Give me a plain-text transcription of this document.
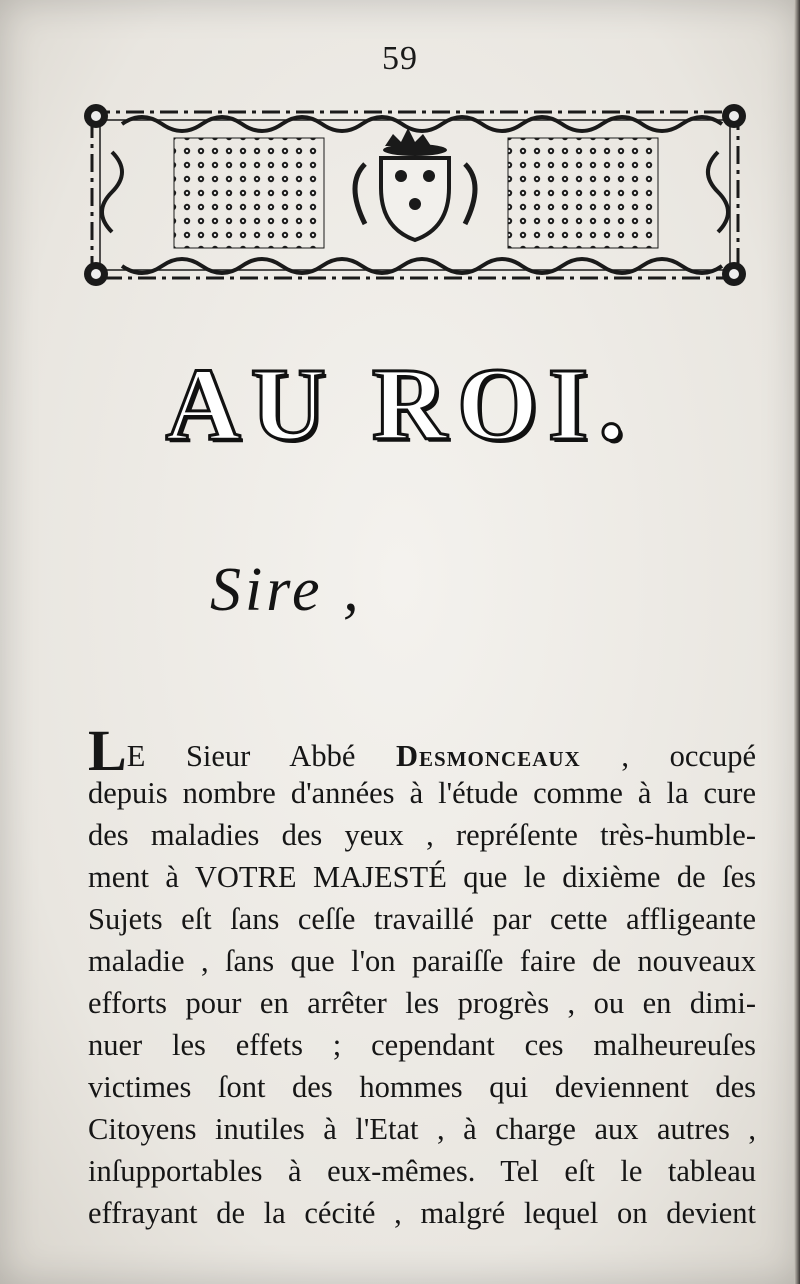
59
AU ROI.
Sire ,
LE Sieur Abbé Desmonceaux , occupé
depuis nombre d'années à l'étude comme à la cure
des maladies des yeux , repréſente très-humble-
ment à VOTRE MAJESTÉ que le dixième de ſes
Sujets eſt ſans ceſſe travaillé par cette affligeante
maladie , ſans que l'on paraiſſe faire de nouveaux
efforts pour en arrêter les progrès , ou en dimi-
nuer les effets ; cependant ces malheureuſes
victimes ſont des hommes qui deviennent des
Citoyens inutiles à l'Etat , à charge aux autres ,
inſupportables à eux-mêmes. Tel eſt le tableau
effrayant de la cécité , malgré lequel on devient
